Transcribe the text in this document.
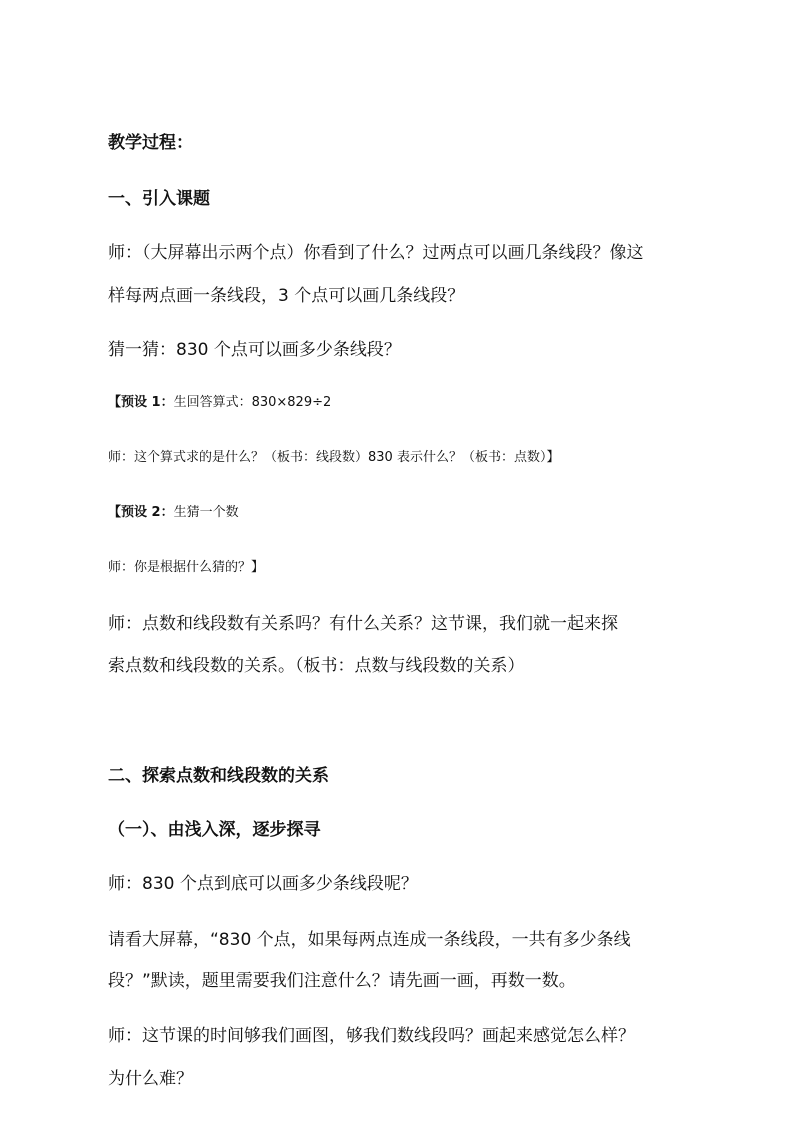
教学过程：
一、引入课题
师：（大屏幕出示两个点）你看到了什么？过两点可以画几条线段？像这
样每两点画一条线段，3 个点可以画几条线段？
猜一猜：830 个点可以画多少条线段？
【预设 1：生回答算式：830×829÷2
师：这个算式求的是什么？（板书：线段数）830 表示什么？（板书：点数）】
【预设 2：生猜一个数
师：你是根据什么猜的？】
师：点数和线段数有关系吗？有什么关系？这节课，我们就一起来探
索点数和线段数的关系。（板书：点数与线段数的关系）
二、探索点数和线段数的关系
（一）、由浅入深，逐步探寻
师：830 个点到底可以画多少条线段呢？
请看大屏幕，“830 个点，如果每两点连成一条线段，一共有多少条线
段？”默读，题里需要我们注意什么？请先画一画，再数一数。
师：这节课的时间够我们画图，够我们数线段吗？画起来感觉怎么样？
为什么难？
